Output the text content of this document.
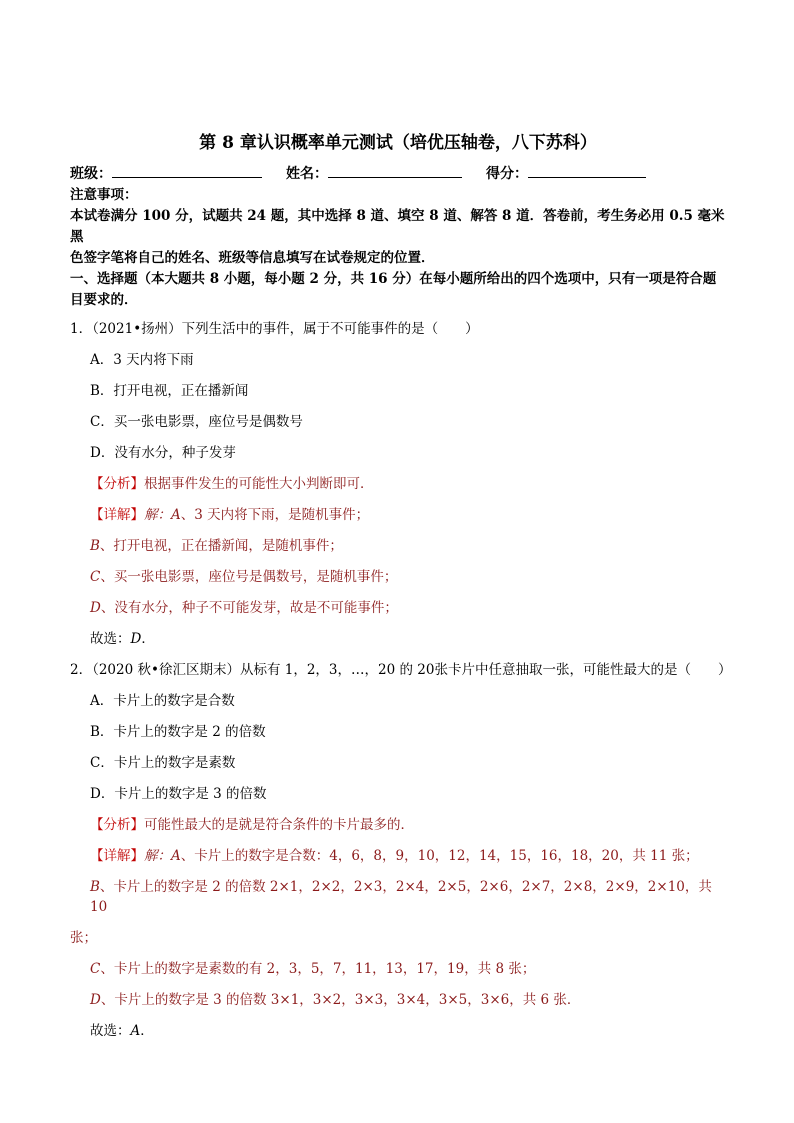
第 8 章认识概率单元测试（培优压轴卷，八下苏科）
班级：	姓名：	得分：
注意事项：
本试卷满分 100 分，试题共 24 题，其中选择 8 道、填空 8 道、解答 8 道．答卷前，考生务必用 0.5 毫米黑
色签字笔将自己的姓名、班级等信息填写在试卷规定的位置．
一、选择题（本大题共 8 小题，每小题 2 分，共 16 分）在每小题所给出的四个选项中，只有一项是符合题
目要求的．
1．（2021•扬州）下列生活中的事件，属于不可能事件的是（　　）
A．3 天内将下雨
B．打开电视，正在播新闻
C．买一张电影票，座位号是偶数号
D．没有水分，种子发芽
【分析】根据事件发生的可能性大小判断即可．
【详解】解：A、3 天内将下雨，是随机事件；
B、打开电视，正在播新闻，是随机事件；
C、买一张电影票，座位号是偶数号，是随机事件；
D、没有水分，种子不可能发芽，故是不可能事件；
故选：D．
2．（2020 秋•徐汇区期末）从标有 1，2，3，…，20 的 20张卡片中任意抽取一张，可能性最大的是（　　）
A．卡片上的数字是合数
B．卡片上的数字是 2 的倍数
C．卡片上的数字是素数
D．卡片上的数字是 3 的倍数
【分析】可能性最大的是就是符合条件的卡片最多的．
【详解】解：A、卡片上的数字是合数：4，6，8，9，10，12，14，15，16，18，20，共 11 张；
B、卡片上的数字是 2 的倍数 2×1，2×2，2×3，2×4，2×5，2×6，2×7，2×8，2×9，2×10，共 10
张；
C、卡片上的数字是素数的有 2，3，5，7，11，13，17，19，共 8 张；
D、卡片上的数字是 3 的倍数 3×1，3×2，3×3，3×4，3×5，3×6，共 6 张．
故选：A．
